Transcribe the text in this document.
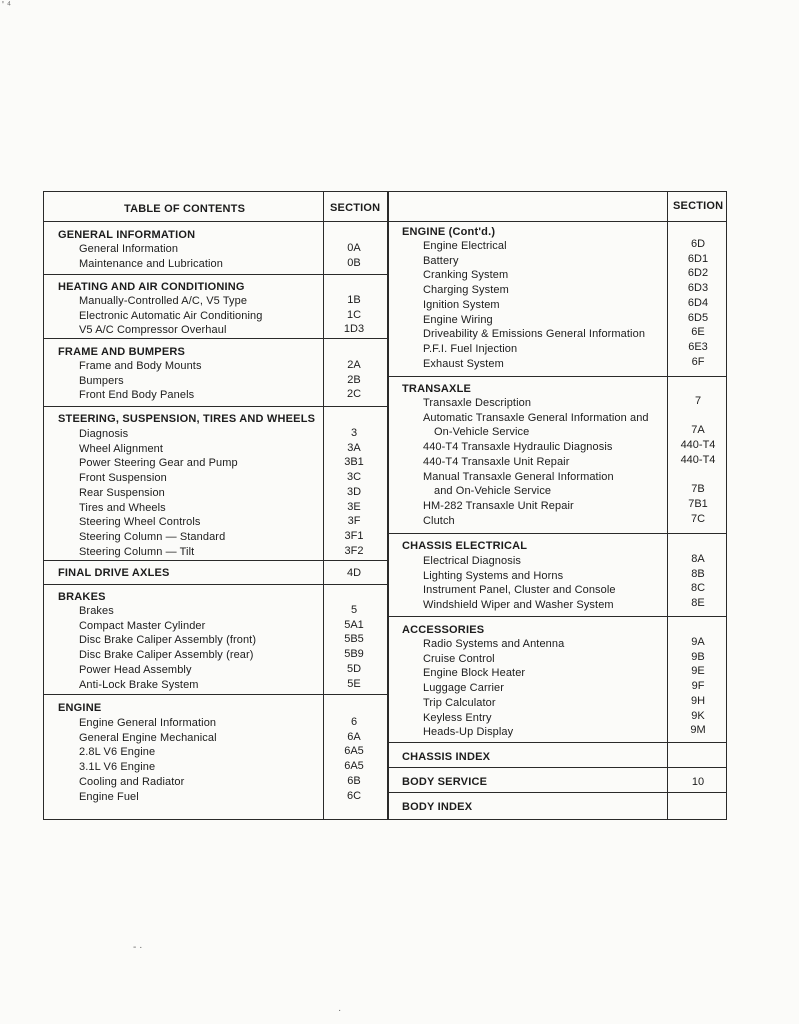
TABLE OF CONTENTS	SECTION
GENERAL INFORMATION
General Information	0A
Maintenance and Lubrication	0B
HEATING AND AIR CONDITIONING
Manually-Controlled A/C, V5 Type	1B
Electronic Automatic Air Conditioning	1C
V5 A/C Compressor Overhaul	1D3
FRAME AND BUMPERS
Frame and Body Mounts	2A
Bumpers	2B
Front End Body Panels	2C
STEERING, SUSPENSION, TIRES AND WHEELS
Diagnosis	3
Wheel Alignment	3A
Power Steering Gear and Pump	3B1
Front Suspension	3C
Rear Suspension	3D
Tires and Wheels	3E
Steering Wheel Controls	3F
Steering Column — Standard	3F1
Steering Column — Tilt	3F2
FINAL DRIVE AXLES	4D
BRAKES
Brakes	5
Compact Master Cylinder	5A1
Disc Brake Caliper Assembly (front)	5B5
Disc Brake Caliper Assembly (rear)	5B9
Power Head Assembly	5D
Anti-Lock Brake System	5E
ENGINE
Engine General Information	6
General Engine Mechanical	6A
2.8L V6 Engine	6A5
3.1L V6 Engine	6A5
Cooling and Radiator	6B
Engine Fuel	6C
SECTION
ENGINE (Cont'd.)
Engine Electrical	6D
Battery	6D1
Cranking System	6D2
Charging System	6D3
Ignition System	6D4
Engine Wiring	6D5
Driveability & Emissions General Information	6E
P.F.I. Fuel Injection	6E3
Exhaust System	6F
TRANSAXLE
Transaxle Description	7
Automatic Transaxle General Information and
On-Vehicle Service	7A
440-T4 Transaxle Hydraulic Diagnosis	440-T4
440-T4 Transaxle Unit Repair	440-T4
Manual Transaxle General Information
and On-Vehicle Service	7B
HM-282 Transaxle Unit Repair	7B1
Clutch	7C
CHASSIS ELECTRICAL
Electrical Diagnosis	8A
Lighting Systems and Horns	8B
Instrument Panel, Cluster and Console	8C
Windshield Wiper and Washer System	8E
ACCESSORIES
Radio Systems and Antenna	9A
Cruise Control	9B
Engine Block Heater	9E
Luggage Carrier	9F
Trip Calculator	9H
Keyless Entry	9K
Heads-Up Display	9M
CHASSIS INDEX
BODY SERVICE	10
BODY INDEX
' ⁴
- ·
·
